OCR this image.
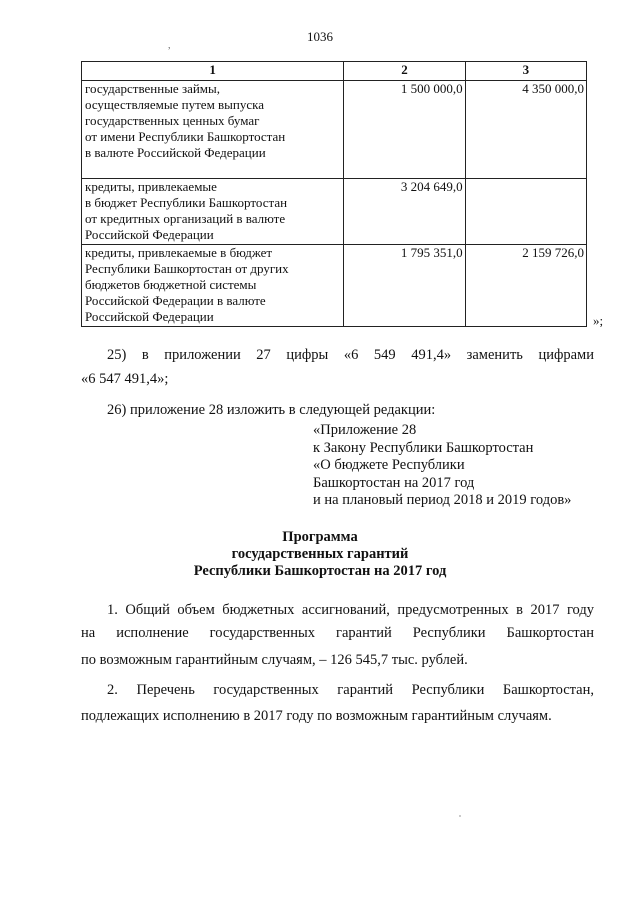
1036
,
1	2	3
государственные займы,
осуществляемые путем выпуска
государственных ценных бумаг
от имени Республики Башкортостан
в валюте Российской Федерации	1 500 000,0	4 350 000,0
кредиты, привлекаемые
в бюджет Республики Башкортостан
от кредитных организаций в валюте
Российской Федерации	3 204 649,0	
кредиты, привлекаемые в бюджет
Республики Башкортостан от других
бюджетов бюджетной системы
Российской Федерации в валюте
Российской Федерации	1 795 351,0	2 159 726,0
»;
25) в приложении 27 цифры «6 549 491,4» заменить цифрами
«6 547 491,4»;
26) приложение 28 изложить в следующей редакции:
«Приложение 28
к Закону Республики Башкортостан
«О бюджете Республики
Башкортостан на 2017 год
и на плановый период 2018 и 2019 годов»
Программа
государственных гарантий
Республики Башкортостан на 2017 год
1. Общий объем бюджетных ассигнований, предусмотренных в 2017 году
на исполнение государственных гарантий Республики Башкортостан
по возможным гарантийным случаям, – 126 545,7 тыс. рублей.
2. Перечень государственных гарантий Республики Башкортостан,
подлежащих исполнению в 2017 году по возможным гарантийным случаям.
